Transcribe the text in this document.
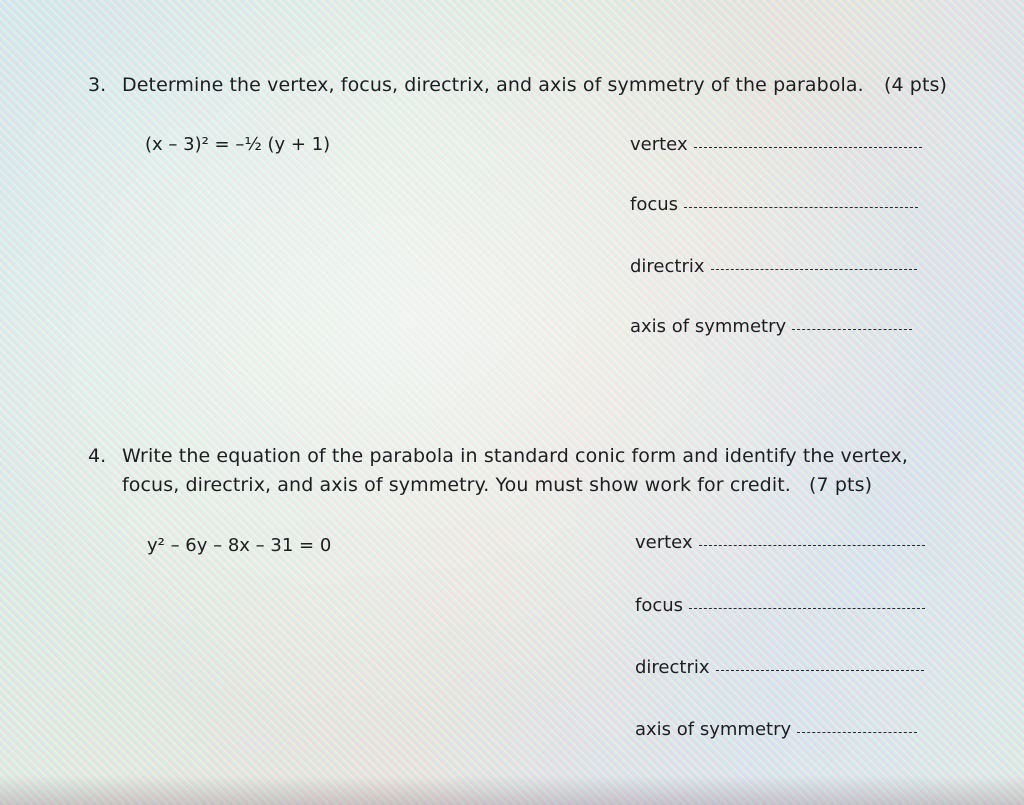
3. Determine the vertex, focus, directrix, and axis of symmetry of the parabola. (4 pts)
(x – 3)² = –½ (y + 1)	vertex
focus
directrix
axis of symmetry
4. Write the equation of the parabola in standard conic form and identify the vertex,
focus, directrix, and axis of symmetry. You must show work for credit. (7 pts)
y² – 6y – 8x – 31 = 0	vertex
focus
directrix
axis of symmetry
